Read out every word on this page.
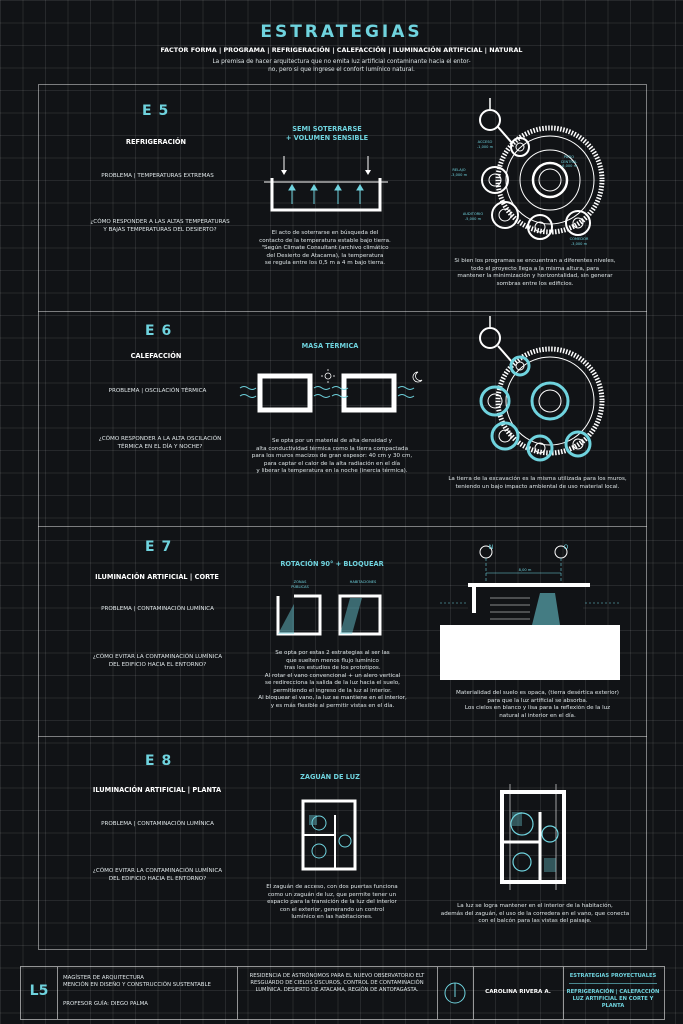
ESTRATEGIAS
FACTOR FORMA | PROGRAMA | REFRIGERACIÓN | CALEFACCIÓN | ILUMINACIÓN ARTIFICIAL | NATURAL
La premisa de hacer arquitectura que no emita luz artificial contaminante hacia el entor-
no, pero si que ingrese el confort lumínico natural.
E 5
REFRIGERACIÓN
PROBLEMA | TEMPERATURAS EXTREMAS
¿CÓMO RESPONDER A LAS ALTAS TEMPERATURAS
Y BAJAS TEMPERATURAS DEL DESIERTO?
SEMI SOTERRARSE
+ VOLUMEN SENSIBLE
El acto de soterrarse en búsqueda del
contacto de la temperatura estable bajo tierra.
"Según Climate Consultant (archivo climático
del Desierto de Atacama), la temperatura
se regula entre los 0,5 m a 4 m bajo tierra.
ACCESO
-1,000 m
PATIO
CENTRAL
-6,000 m
RELAJO
-3,000 m
AUDITORIO
-5,000 m
COMEDOR
-3,000 m
Si bien los programas se encuentran a diferentes niveles,
todo el proyecto llega a la misma altura, para
mantener la minimización y horizontalidad, sin generar
sombras entre los edificios.
E 6
CALEFACCIÓN
PROBLEMA | OSCILACIÓN TÉRMICA
¿CÓMO RESPONDER A LA ALTA OSCILACIÓN
TÉRMICA EN EL DÍA Y NOCHE?
MASA TÉRMICA
Se opta por un material de alta densidad y
alta conductividad térmica como la tierra compactada
para los muros macizos de gran espesor: 40 cm y 30 cm,
para captar el calor de la alta radiación en el día
y liberar la temperatura en la noche (inercia térmica).
La tierra de la excavación es la misma utilizada para los muros,
teniendo un bajo impacto ambiental de uso material local.
E 7
ILUMINACIÓN ARTIFICIAL | CORTE
PROBLEMA | CONTAMINACIÓN LUMÍNICA
¿CÓMO EVITAR LA CONTAMINACIÓN LUMÍNICA
DEL EDIFICIO HACIA EL ENTORNO?
ROTACIÓN 90° + BLOQUEAR
ZONAS
PÚBLICAS
HABITACIONES
Se opta por estas 2 estrategias al ser las
que suelten menos flujo lumínico
tras los estudios de los prototipos.
Al rotar el vano convencional + un alero vertical
se redirecciona la salida de la luz hacia el suelo,
permitiendo el ingreso de la luz al interior.
Al bloquear el vano, la luz se mantiene en el interior,
y es más flexible al permitir vistas en el día.
N	O
8,00 m
Materialidad del suelo es opaca, (tierra desértica exterior)
para que la luz artificial se absorba.
Los cielos en blanco y lisa para la reflexión de la luz
natural al interior en el día.
E 8
ILUMINACIÓN ARTIFICIAL | PLANTA
PROBLEMA | CONTAMINACIÓN LUMÍNICA
¿CÓMO EVITAR LA CONTAMINACIÓN LUMÍNICA
DEL EDIFICIO HACIA EL ENTORNO?
ZAGUÁN DE LUZ
El zaguán de acceso, con dos puertas funciona
como un zaguán de luz, que permite tener un
espacio para la transición de la luz del interior
con el exterior, generando un control
lumínico en las habitaciones.
La luz se logra mantener en el interior de la habitación,
además del zaguán, el uso de la corredera en el vano, que conecta
con el balcón para las vistas del paisaje.
L5
MAGÍSTER DE ARQUITECTURA
MENCIÓN EN DISEÑO Y CONSTRUCCIÓN SUSTENTABLE
PROFESOR GUÍA: DIEGO PALMA
RESIDENCIA DE ASTRÓNOMOS PARA EL NUEVO OBSERVATORIO ELT
RESGUARDO DE CIELOS OSCUROS, CONTROL DE CONTAMINACIÓN
LUMÍNICA. DESIERTO DE ATACAMA, REGIÓN DE ANTOFAGASTA.	CAROLINA RIVERA A.
ESTRATEGIAS PROYECTUALES
REFRIGERACIÓN | CALEFACCIÓN
LUZ ARTIFICIAL EN CORTE Y PLANTA
